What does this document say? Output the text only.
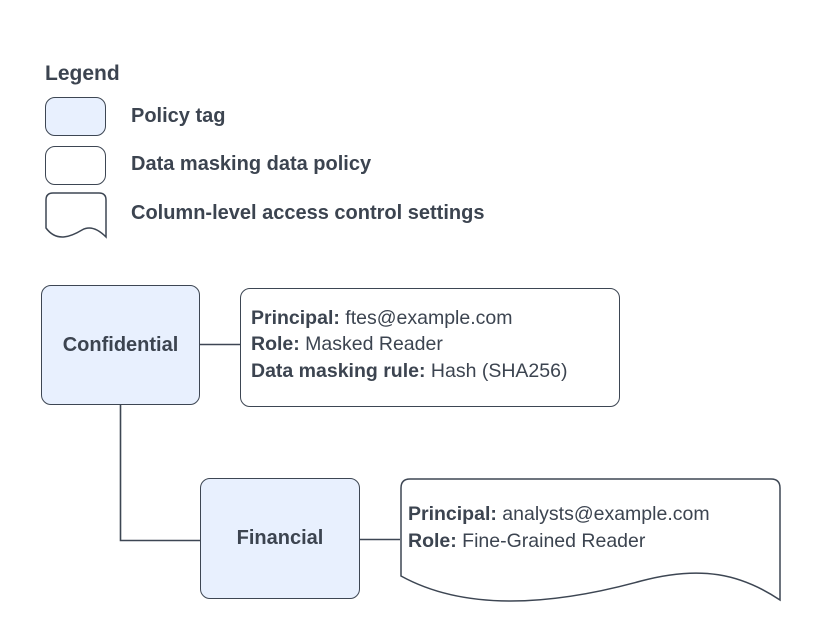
Legend
Policy tag
Data masking data policy
Column-level access control settings
Confidential
Principal: ftes@example.com
Role: Masked Reader
Data masking rule: Hash (SHA256)
Financial
Principal: analysts@example.com
Role: Fine-Grained Reader
